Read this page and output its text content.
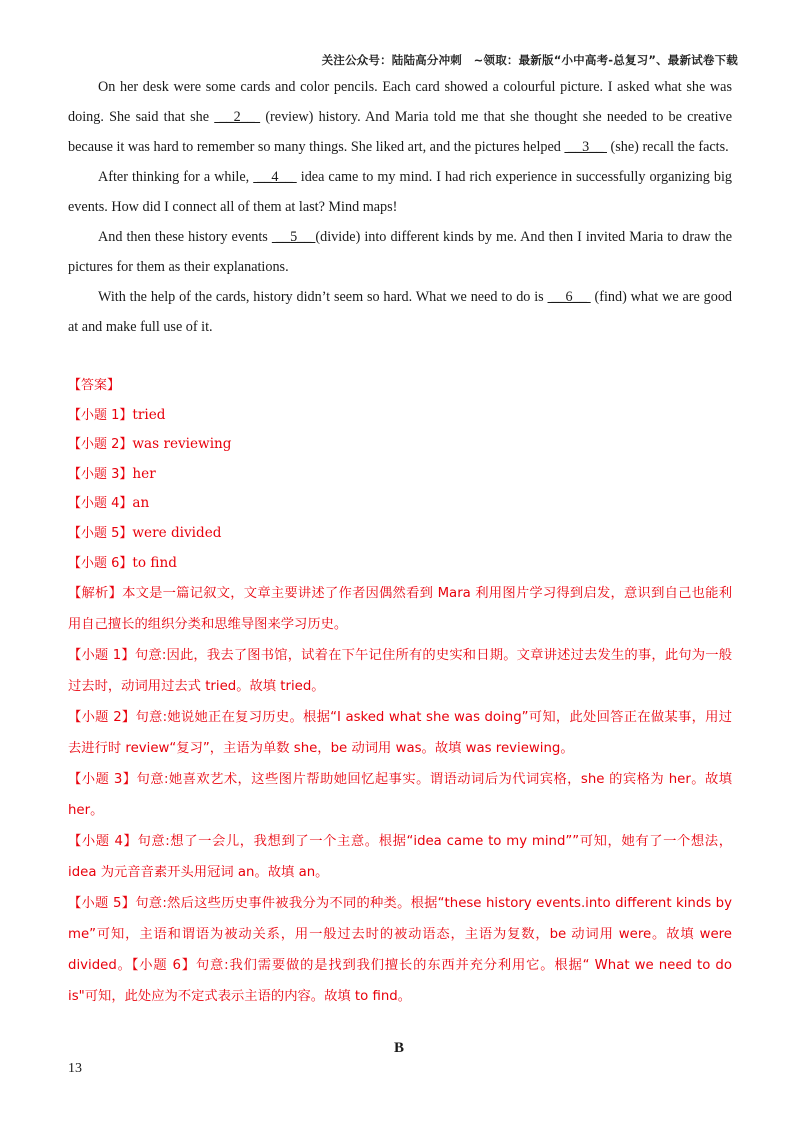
关注公众号：陆陆高分冲刺　~领取：最新版“小中高考-总复习”、最新试卷下载

On her desk were some cards and color pencils. Each card showed a colourful picture. I asked what she was doing. She said that she  __2__  (review) history. And Maria told me that she thought she needed to be creative because it was hard to remember so many things. She liked art, and the pictures helped  __3__  (she) recall the facts.

After thinking for a while,  __4__  idea came to my mind. I had rich experience in successfully organizing big events. How did I connect all of them at last? Mind maps!

And then these history events  __5__ (divide) into different kinds by me. And then I invited Maria to draw the pictures for them as their explanations.

With the help of the cards, history didn’t seem so hard. What we need to do is  __6__  (find) what we are good at and make full use of it.

【答案】

【小题 1】tried

【小题 2】was reviewing

【小题 3】her

【小题 4】an

【小题 5】were divided

【小题 6】to find

【解析】本文是一篇记叙文，文章主要讲述了作者因偶然看到 Mara 利用图片学习得到启发，意识到自己也能利用自己擅长的组织分类和思维导图来学习历史。

【小题 1】句意:因此，我去了图书馆，试着在下午记住所有的史实和日期。文章讲述过去发生的事，此句为一般过去时，动词用过去式 tried。故填 tried。

【小题 2】句意:她说她正在复习历史。根据“I asked what she was doing”可知，此处回答正在做某事，用过去进行时 review“复习”，主语为单数 she，be 动词用 was。故填 was reviewing。

【小题 3】句意:她喜欢艺术，这些图片帮助她回忆起事实。谓语动词后为代词宾格，she 的宾格为 her。故填 her。

【小题 4】句意:想了一会儿，我想到了一个主意。根据“idea came to my mind””可知，她有了一个想法，idea 为元音音素开头用冠词 an。故填 an。

【小题 5】句意:然后这些历史事件被我分为不同的种类。根据“these history events.into different kinds by me”可知，主语和谓语为被动关系，用一般过去时的被动语态，主语为复数，be 动词用 were。故填 were divided。【小题 6】句意:我们需要做的是找到我们擅长的东西并充分利用它。根据“ What we need to do is"可知，此处应为不定式表示主语的内容。故填 to find。

B
13
